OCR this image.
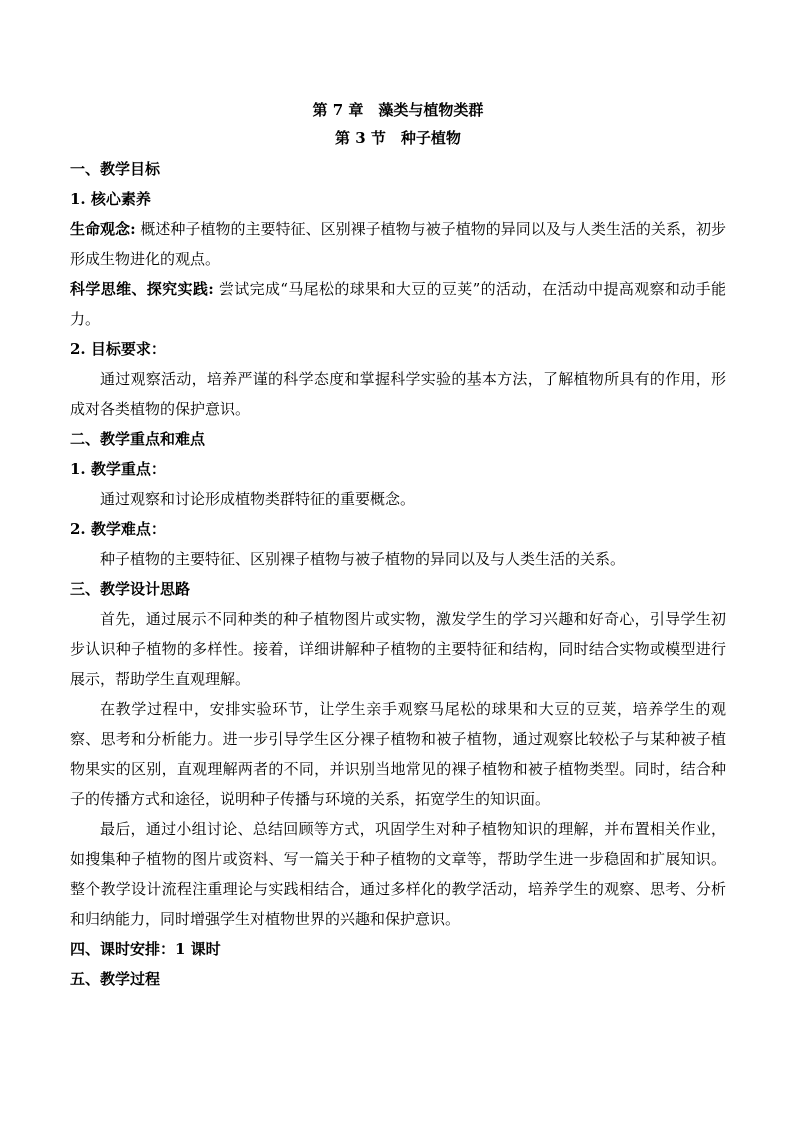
第 7 章　藻类与植物类群
第 3 节　种子植物
一、教学目标
1. 核心素养

生命观念: 概述种子植物的主要特征、区别裸子植物与被子植物的异同以及与人类生活的关系，初步形成生物进化的观点。

科学思维、探究实践: 尝试完成“马尾松的球果和大豆的豆荚”的活动，在活动中提高观察和动手能力。

2. 目标要求：

通过观察活动，培养严谨的科学态度和掌握科学实验的基本方法，了解植物所具有的作用，形成对各类植物的保护意识。

二、教学重点和难点
1. 教学重点：

通过观察和讨论形成植物类群特征的重要概念。

2. 教学难点：

种子植物的主要特征、区别裸子植物与被子植物的异同以及与人类生活的关系。

三、教学设计思路

首先，通过展示不同种类的种子植物图片或实物，激发学生的学习兴趣和好奇心，引导学生初步认识种子植物的多样性。接着，详细讲解种子植物的主要特征和结构，同时结合实物或模型进行展示，帮助学生直观理解。

在教学过程中，安排实验环节，让学生亲手观察马尾松的球果和大豆的豆荚，培养学生的观察、思考和分析能力。进一步引导学生区分裸子植物和被子植物，通过观察比较松子与某种被子植物果实的区别，直观理解两者的不同，并识别当地常见的裸子植物和被子植物类型。同时，结合种子的传播方式和途径，说明种子传播与环境的关系，拓宽学生的知识面。

最后，通过小组讨论、总结回顾等方式，巩固学生对种子植物知识的理解，并布置相关作业，如搜集种子植物的图片或资料、写一篇关于种子植物的文章等，帮助学生进一步稳固和扩展知识。整个教学设计流程注重理论与实践相结合，通过多样化的教学活动，培养学生的观察、思考、分析和归纳能力，同时增强学生对植物世界的兴趣和保护意识。

四、课时安排：1 课时
五、教学过程
